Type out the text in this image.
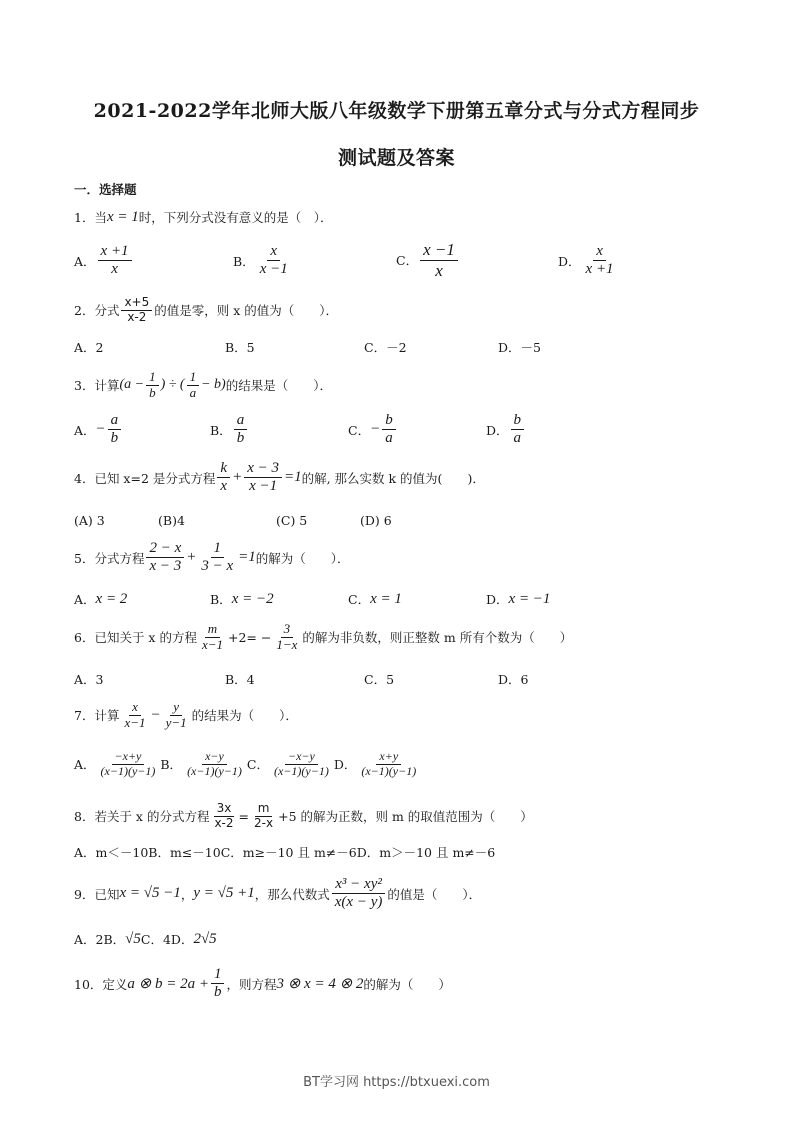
2021-2022学年北师大版八年级数学下册第五章分式与分式方程同步
测试题及答案
一．选择题
1．当 x = 1 时，下列分式没有意义的是（　）．
A． $\frac{x +1}{x}$	B． $\frac{x}{x -1}$	C． $\frac{x -1}{x}$	D． $\frac{x}{x +1}$
2．分式 $\frac{x+5}{x-2}$ 的值是零，则 x 的值为（　　）．
A．2	B．5	C．－2	D．－5
3．计算 ($a - \frac{1}{b}$ ) ÷ ( $\frac{1}{a} - b$) 的结果是（　　）．
A． − $\frac{a}{b}$	B． $\frac{a}{b}$	C． − $\frac{b}{a}$	D． $\frac{b}{a}$
4．已知 x=2 是分式方程 $\frac{k}{x} + \frac{x - 3}{x -1} =1$ 的解, 那么实数 k 的值为(　　)．
(A) 3	(B)4	(C) 5	(D) 6
5．分式方程 $\frac{2 - x}{x - 3} + \frac{1}{3 - x} =1$ 的解为（　　）．
A． x = 2	B． x = −2	C． x = 1	D． x = −1
6．已知关于 x 的方程 $\frac{m}{x-1} +2= - \frac{3}{1-x}$ 的解为非负数，则正整数 m 所有个数为（　　）
A．3	B．4	C．5	D．6
7．计算 $\frac{x}{x-1} - \frac{y}{y-1}$ 的结果为（　　）．
A． $\frac{-x+y}{(x-1)(y-1)}$ B． $\frac{x-y}{(x-1)(y-1)}$ C． $\frac{-x-y}{(x-1)(y-1)}$ D． $\frac{x+y}{(x-1)(y-1)}$
8．若关于 x 的分式方程 $\frac{3x}{x-2} = \frac{m}{2-x} +5$ 的解为正数，则 m 的取值范围为（　　）
A．m＜－10B．m≤－10C．m≥－10 且 m≠－6D．m＞－10 且 m≠－6
9．已知 x = √5 −1 ， y = √5 +1 ，那么代数式 $\frac{\text{x³ − xy²}}{x(x - y)}$ 的值是（　　）．
A．2B． √5 C．4D． 2√5
10．定义 a ⊗ $b = 2a + \frac{1}{b}$ ，则方程 3 ⊗ x = 4 ⊗ 2 的解为（　　）
BT学习网 https://btxuexi.com
